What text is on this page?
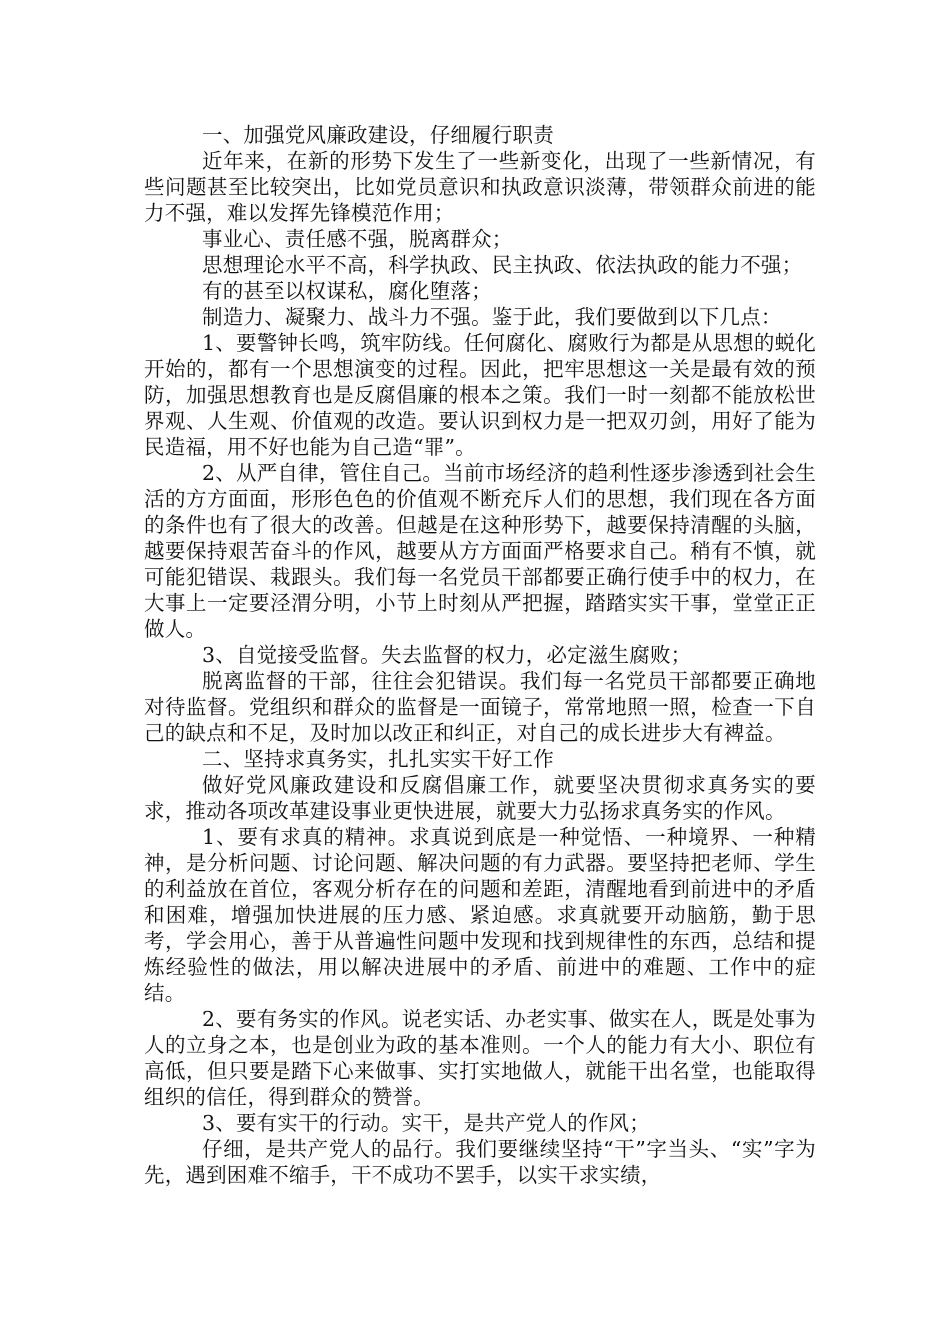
一、加强党风廉政建设，仔细履行职责

近年来，在新的形势下发生了一些新变化，出现了一些新情况，有些问题甚至比较突出，比如党员意识和执政意识淡薄，带领群众前进的能力不强，难以发挥先锋模范作用；

事业心、责任感不强，脱离群众；

思想理论水平不高，科学执政、民主执政、依法执政的能力不强；

有的甚至以权谋私，腐化堕落；

制造力、凝聚力、战斗力不强。鉴于此，我们要做到以下几点：

1、要警钟长鸣，筑牢防线。任何腐化、腐败行为都是从思想的蜕化开始的，都有一个思想演变的过程。因此，把牢思想这一关是最有效的预防，加强思想教育也是反腐倡廉的根本之策。我们一时一刻都不能放松世界观、人生观、价值观的改造。要认识到权力是一把双刃剑，用好了能为民造福，用不好也能为自己造“罪”。

2、从严自律，管住自己。当前市场经济的趋利性逐步渗透到社会生活的方方面面，形形色色的价值观不断充斥人们的思想，我们现在各方面的条件也有了很大的改善。但越是在这种形势下，越要保持清醒的头脑，越要保持艰苦奋斗的作风，越要从方方面面严格要求自己。稍有不慎，就可能犯错误、栽跟头。我们每一名党员干部都要正确行使手中的权力，在大事上一定要泾渭分明，小节上时刻从严把握，踏踏实实干事，堂堂正正做人。

3、自觉接受监督。失去监督的权力，必定滋生腐败；

脱离监督的干部，往往会犯错误。我们每一名党员干部都要正确地对待监督。党组织和群众的监督是一面镜子，常常地照一照，检查一下自己的缺点和不足，及时加以改正和纠正，对自己的成长进步大有裨益。

二、坚持求真务实，扎扎实实干好工作

做好党风廉政建设和反腐倡廉工作，就要坚决贯彻求真务实的要求，推动各项改革建设事业更快进展，就要大力弘扬求真务实的作风。

1、要有求真的精神。求真说到底是一种觉悟、一种境界、一种精神，是分析问题、讨论问题、解决问题的有力武器。要坚持把老师、学生的利益放在首位，客观分析存在的问题和差距，清醒地看到前进中的矛盾和困难，增强加快进展的压力感、紧迫感。求真就要开动脑筋，勤于思考，学会用心，善于从普遍性问题中发现和找到规律性的东西，总结和提炼经验性的做法，用以解决进展中的矛盾、前进中的难题、工作中的症结。

2、要有务实的作风。说老实话、办老实事、做实在人，既是处事为人的立身之本，也是创业为政的基本准则。一个人的能力有大小、职位有高低，但只要是踏下心来做事、实打实地做人，就能干出名堂，也能取得组织的信任，得到群众的赞誉。

3、要有实干的行动。实干，是共产党人的作风；

仔细，是共产党人的品行。我们要继续坚持“干”字当头、“实”字为先，遇到困难不缩手，干不成功不罢手，以实干求实绩，
